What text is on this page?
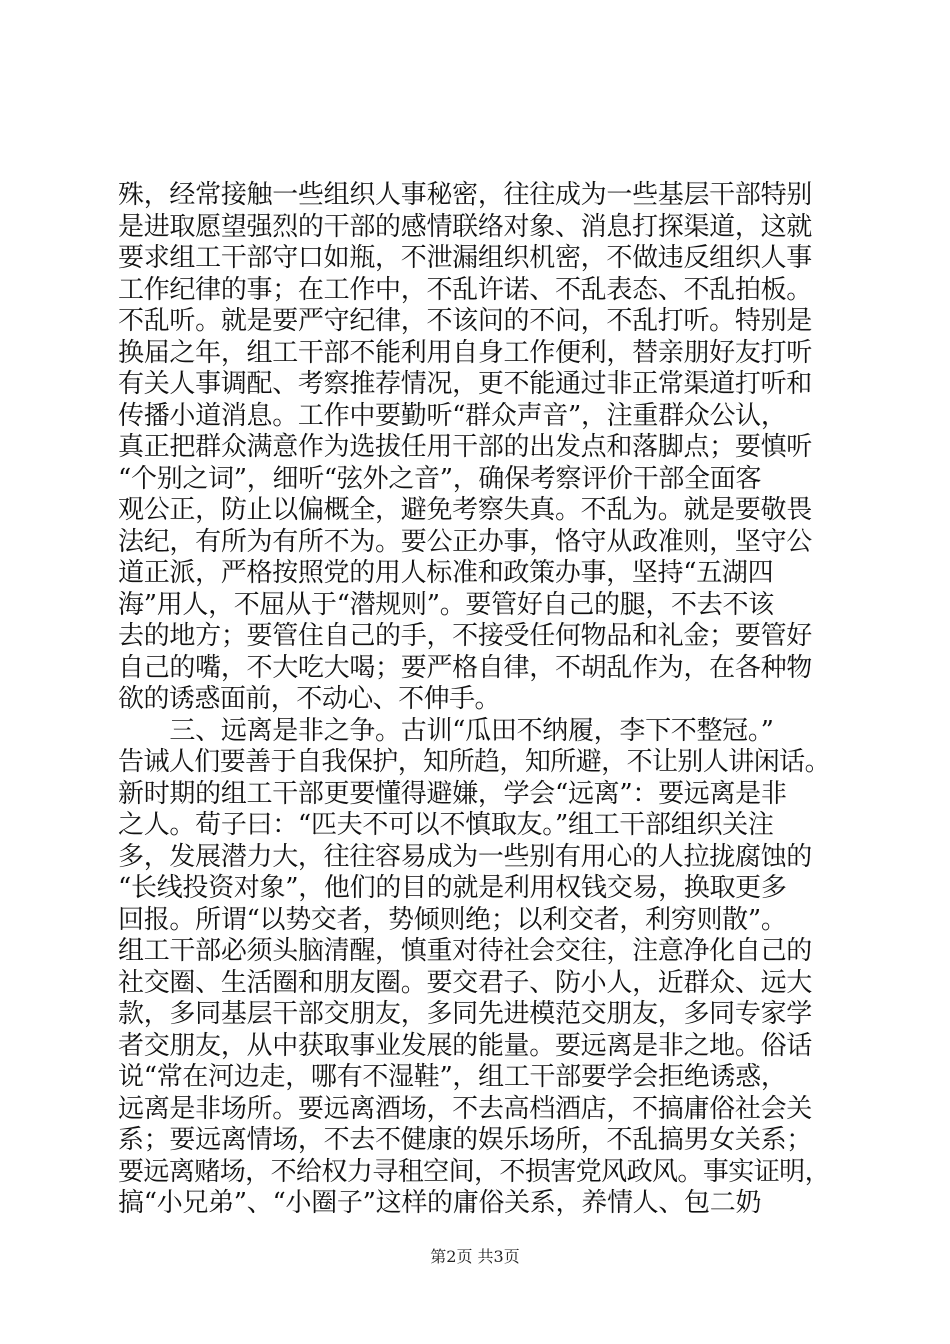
殊，经常接触一些组织人事秘密，往往成为一些基层干部特别
是进取愿望强烈的干部的感情联络对象、消息打探渠道，这就
要求组工干部守口如瓶，不泄漏组织机密，不做违反组织人事
工作纪律的事；在工作中，不乱许诺、不乱表态、不乱拍板。
不乱听。就是要严守纪律，不该问的不问，不乱打听。特别是
换届之年，组工干部不能利用自身工作便利，替亲朋好友打听
有关人事调配、考察推荐情况，更不能通过非正常渠道打听和
传播小道消息。工作中要勤听“群众声音”，注重群众公认，
真正把群众满意作为选拔任用干部的出发点和落脚点；要慎听
“个别之词”，细听“弦外之音”，确保考察评价干部全面客
观公正，防止以偏概全，避免考察失真。不乱为。就是要敬畏
法纪，有所为有所不为。要公正办事，恪守从政准则，坚守公
道正派，严格按照党的用人标准和政策办事，坚持“五湖四
海”用人，不屈从于“潜规则”。要管好自己的腿，不去不该
去的地方；要管住自己的手，不接受任何物品和礼金；要管好
自己的嘴，不大吃大喝；要严格自律，不胡乱作为，在各种物
欲的诱惑面前，不动心、不伸手。
　　三、远离是非之争。古训“瓜田不纳履，李下不整冠。”
告诫人们要善于自我保护，知所趋，知所避，不让别人讲闲话。
新时期的组工干部更要懂得避嫌，学会“远离”：要远离是非
之人。荀子曰：“匹夫不可以不慎取友。”组工干部组织关注
多，发展潜力大，往往容易成为一些别有用心的人拉拢腐蚀的
“长线投资对象”，他们的目的就是利用权钱交易，换取更多
回报。所谓“以势交者，势倾则绝；以利交者，利穷则散”。
组工干部必须头脑清醒，慎重对待社会交往，注意净化自己的
社交圈、生活圈和朋友圈。要交君子、防小人，近群众、远大
款，多同基层干部交朋友，多同先进模范交朋友，多同专家学
者交朋友，从中获取事业发展的能量。要远离是非之地。俗话
说“常在河边走，哪有不湿鞋”，组工干部要学会拒绝诱惑，
远离是非场所。要远离酒场，不去高档酒店，不搞庸俗社会关
系；要远离情场，不去不健康的娱乐场所，不乱搞男女关系；
要远离赌场，不给权力寻租空间，不损害党风政风。事实证明，
搞“小兄弟”、“小圈子”这样的庸俗关系，养情人、包二奶
第2页 共3页
